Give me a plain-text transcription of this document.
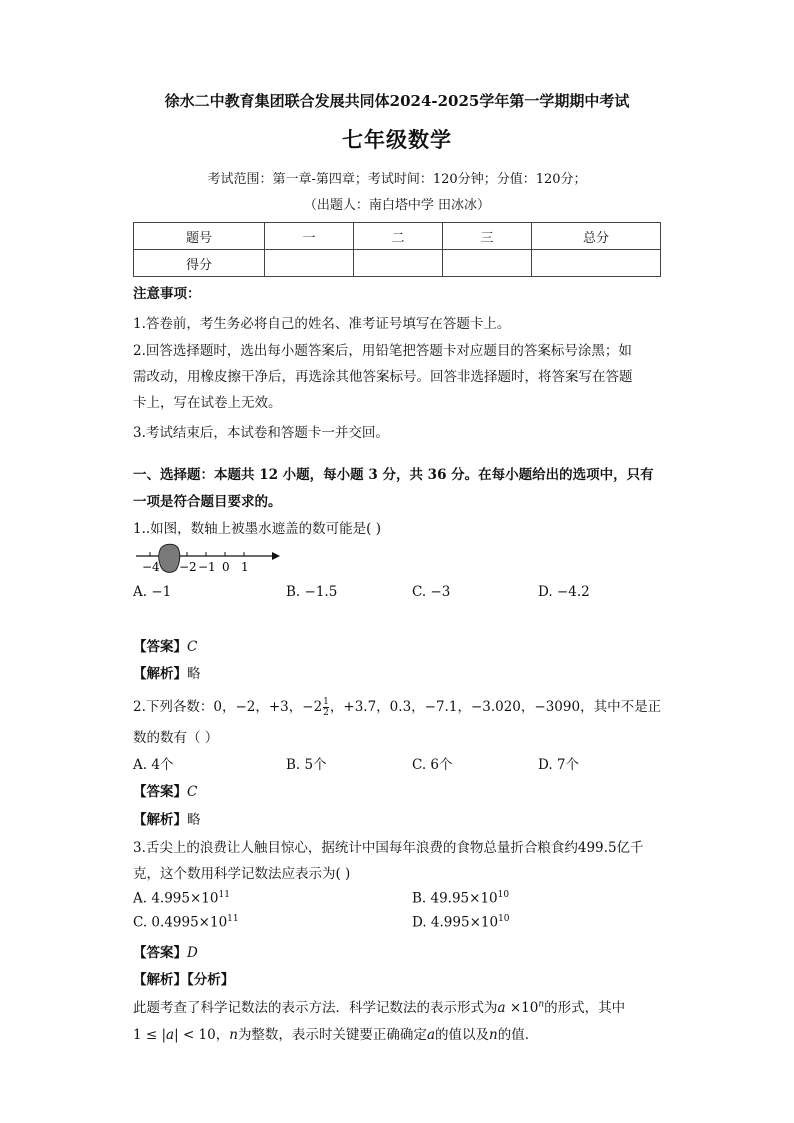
徐水二中教育集团联合发展共同体2024-2025学年第一学期期中考试
七年级数学
考试范围：第一章-第四章；考试时间：120分钟；分值：120分；
（出题人：南白塔中学 田冰冰）
题号	一	二	三	总分
得分				
注意事项：
1.答卷前，考生务必将自己的姓名、准考证号填写在答题卡上。
2.回答选择题时，选出每小题答案后，用铅笔把答题卡对应题目的答案标号涂黑；如
需改动，用橡皮擦干净后，再选涂其他答案标号。回答非选择题时，将答案写在答题
卡上，写在试卷上无效。
3.考试结束后，本试卷和答题卡一并交回。
一、选择题：本题共 12 小题，每小题 3 分，共 36 分。在每小题给出的选项中，只有
一项是符合题目要求的。
1..如图，数轴上被墨水遮盖的数可能是( )
−4 −2 −1 0 1
A. −1	B. −1.5	C. −3	D. −4.2
【答案】C
【解析】略
2.下列各数：0，−2，+3，$-2 \frac{1}{2}$ ，+3.7，0.3，−7.1，−3.020，−3090，其中不是正
数的数有（ ）
A. 4个	B. 5个	C. 6个	D. 7个
【答案】C
【解析】略
3.舌尖上的浪费让人触目惊心，据统计中国每年浪费的食物总量折合粮食约499.5亿千
克，这个数用科学记数法应表示为( )
A. $4.995\times 10^{11}$	B. $49.95\times 10^{10}$
C. $0.4995\times 10^{11}$	D. $4.995\times 10^{10}$
【答案】D
【解析】【分析】
此题考查了科学记数法的表示方法．科学记数法的表示形式为$a \times 10^n$的形式，其中
1 ≤ |a| < 10，n为整数，表示时关键要正确确定a的值以及n的值．
